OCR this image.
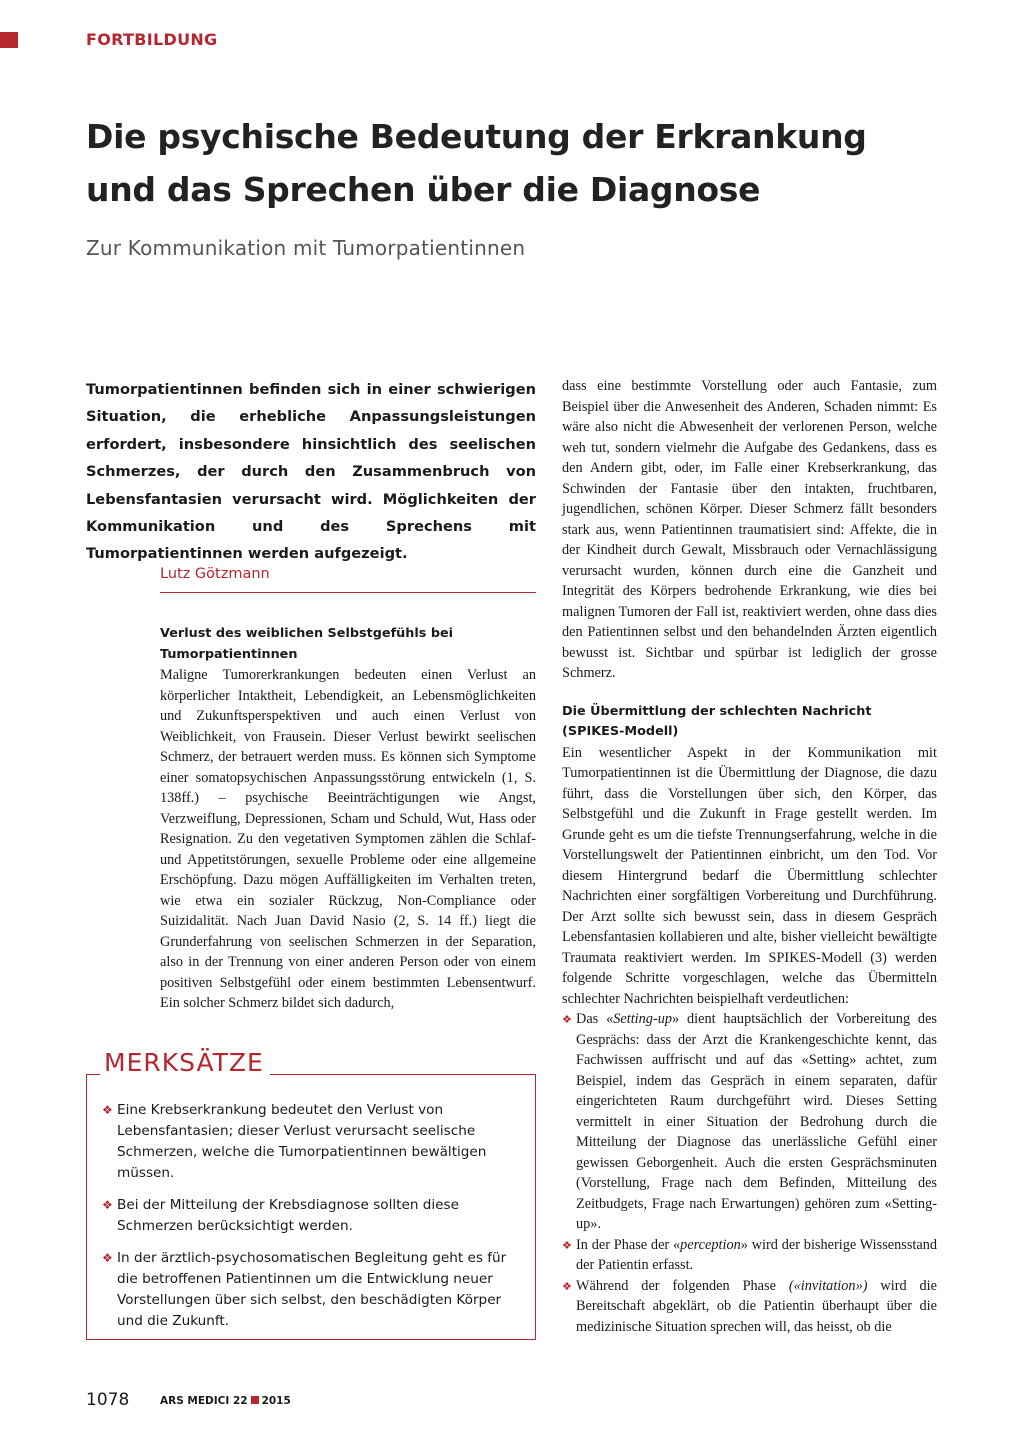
FORTBILDUNG
Die psychische Bedeutung der Erkrankung und das Sprechen über die Diagnose
Zur Kommunikation mit Tumorpatientinnen

Tumorpatientinnen befinden sich in einer schwierigen Situation, die erhebliche Anpassungsleistungen erfordert, insbesondere hinsichtlich des seelischen Schmerzes, der durch den Zusammenbruch von Lebensfantasien verursacht wird. Möglichkeiten der Kommunikation und des Sprechens mit Tumorpatientinnen werden aufgezeigt.

Lutz Götzmann

Verlust des weiblichen Selbstgefühls bei Tumorpatientinnen

Maligne Tumorerkrankungen bedeuten einen Verlust an körperlicher Intaktheit, Lebendigkeit, an Lebensmöglichkeiten und Zukunftsperspektiven und auch einen Verlust von Weiblichkeit, von Frausein. Dieser Verlust bewirkt seelischen Schmerz, der betrauert werden muss. Es können sich Symptome einer somatopsychischen Anpassungsstörung entwickeln (1, S. 138ff.) – psychische Beeinträchtigungen wie Angst, Verzweiflung, Depressionen, Scham und Schuld, Wut, Hass oder Resignation. Zu den vegetativen Symptomen zählen die Schlaf- und Appetitstörungen, sexuelle Probleme oder eine allgemeine Erschöpfung. Dazu mögen Auffälligkeiten im Verhalten treten, wie etwa ein sozialer Rückzug, Non-Compliance oder Suizidalität. Nach Juan David Nasio (2, S. 14 ff.) liegt die Grunderfahrung von seelischen Schmerzen in der Separation, also in der Trennung von einer anderen Person oder von einem positiven Selbstgefühl oder einem bestimmten Lebensentwurf. Ein solcher Schmerz bildet sich dadurch,

dass eine bestimmte Vorstellung oder auch Fantasie, zum Beispiel über die Anwesenheit des Anderen, Schaden nimmt: Es wäre also nicht die Abwesenheit der verlorenen Person, welche weh tut, sondern vielmehr die Aufgabe des Gedankens, dass es den Andern gibt, oder, im Falle einer Krebserkrankung, das Schwinden der Fantasie über den intakten, fruchtbaren, jugendlichen, schönen Körper. Dieser Schmerz fällt besonders stark aus, wenn Patientinnen traumatisiert sind: Affekte, die in der Kindheit durch Gewalt, Missbrauch oder Vernachlässigung verursacht wurden, können durch eine die Ganzheit und Integrität des Körpers bedrohende Erkrankung, wie dies bei malignen Tumoren der Fall ist, reaktiviert werden, ohne dass dies den Patientinnen selbst und den behandelnden Ärzten eigentlich bewusst ist. Sichtbar und spürbar ist lediglich der grosse Schmerz.

Die Übermittlung der schlechten Nachricht (SPIKES-Modell)

Ein wesentlicher Aspekt in der Kommunikation mit Tumorpatientinnen ist die Übermittlung der Diagnose, die dazu führt, dass die Vorstellungen über sich, den Körper, das Selbstgefühl und die Zukunft in Frage gestellt werden. Im Grunde geht es um die tiefste Trennungserfahrung, welche in die Vorstellungswelt der Patientinnen einbricht, um den Tod. Vor diesem Hintergrund bedarf die Übermittlung schlechter Nachrichten einer sorgfältigen Vorbereitung und Durchführung. Der Arzt sollte sich bewusst sein, dass in diesem Gespräch Lebensfantasien kollabieren und alte, bisher vielleicht bewältigte Traumata reaktiviert werden. Im SPIKES-Modell (3) werden folgende Schritte vorgeschlagen, welche das Übermitteln schlechter Nachrichten beispielhaft verdeutlichen:

❖ Das «Setting-up» dient hauptsächlich der Vorbereitung des Gesprächs: dass der Arzt die Krankengeschichte kennt, das Fachwissen auffrischt und auf das «Setting» achtet, zum Beispiel, indem das Gespräch in einem separaten, dafür eingerichteten Raum durchgeführt wird. Dieses Setting vermittelt in einer Situation der Bedrohung durch die Mitteilung der Diagnose das unerlässliche Gefühl einer gewissen Geborgenheit. Auch die ersten Gesprächsminuten (Vorstellung, Frage nach dem Befinden, Mitteilung des Zeitbudgets, Frage nach Erwartungen) gehören zum «Setting-up».
❖ In der Phase der «perception» wird der bisherige Wissensstand der Patientin erfasst.
❖ Während der folgenden Phase («invitation») wird die Bereitschaft abgeklärt, ob die Patientin überhaupt über die medizinische Situation sprechen will, das heisst, ob die
MERKSÄTZE
❖ Eine Krebserkrankung bedeutet den Verlust von Lebensfantasien; dieser Verlust verursacht seelische Schmerzen, welche die Tumorpatientinnen bewältigen müssen.
❖ Bei der Mitteilung der Krebsdiagnose sollten diese Schmerzen berücksichtigt werden.
❖ In der ärztlich-psychosomatischen Begleitung geht es für die betroffenen Patientinnen um die Entwicklung neuer Vorstellungen über sich selbst, den beschädigten Körper und die Zukunft.
1078	ARS MEDICI 22 2015
